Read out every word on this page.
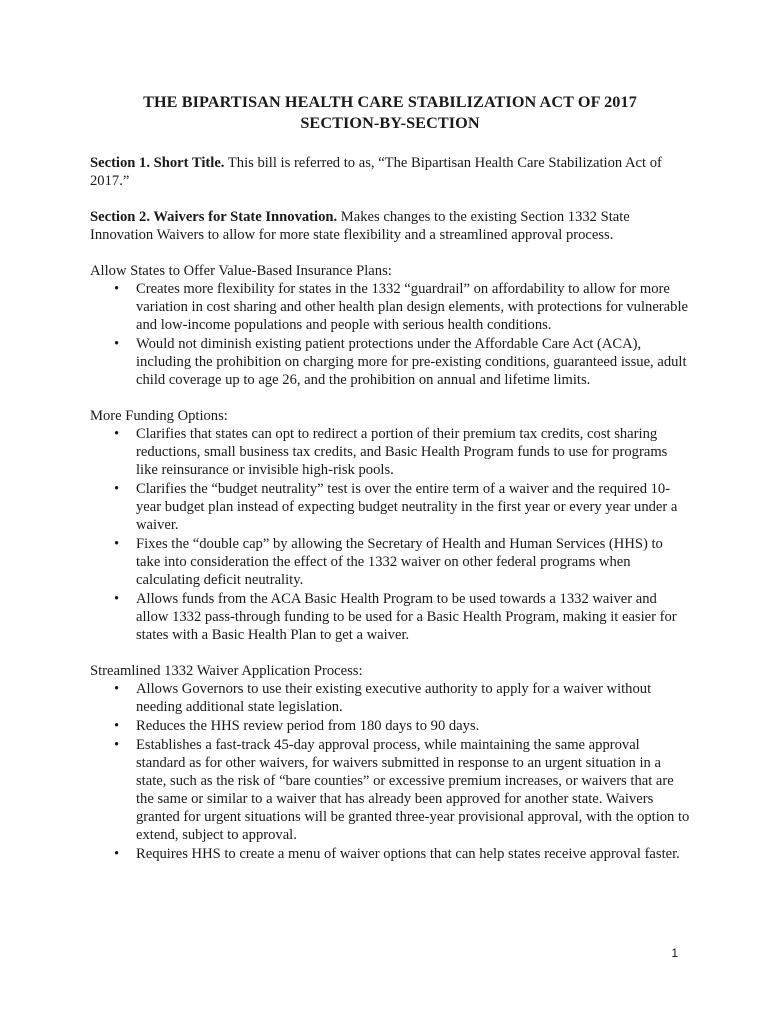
THE BIPARTISAN HEALTH CARE STABILIZATION ACT OF 2017
SECTION-BY-SECTION

Section 1. Short Title. This bill is referred to as, “The Bipartisan Health Care Stabilization Act of 2017.”

Section 2. Waivers for State Innovation. Makes changes to the existing Section 1332 State Innovation Waivers to allow for more state flexibility and a streamlined approval process.

Allow States to Offer Value-Based Insurance Plans:

• Creates more flexibility for states in the 1332 “guardrail” on affordability to allow for more variation in cost sharing and other health plan design elements, with protections for vulnerable and low-income populations and people with serious health conditions.
• Would not diminish existing patient protections under the Affordable Care Act (ACA), including the prohibition on charging more for pre-existing conditions, guaranteed issue, adult child coverage up to age 26, and the prohibition on annual and lifetime limits.

More Funding Options:

• Clarifies that states can opt to redirect a portion of their premium tax credits, cost sharing reductions, small business tax credits, and Basic Health Program funds to use for programs like reinsurance or invisible high-risk pools.
• Clarifies the “budget neutrality” test is over the entire term of a waiver and the required 10-year budget plan instead of expecting budget neutrality in the first year or every year under a waiver.
• Fixes the “double cap” by allowing the Secretary of Health and Human Services (HHS) to take into consideration the effect of the 1332 waiver on other federal programs when calculating deficit neutrality.
• Allows funds from the ACA Basic Health Program to be used towards a 1332 waiver and allow 1332 pass-through funding to be used for a Basic Health Program, making it easier for states with a Basic Health Plan to get a waiver.

Streamlined 1332 Waiver Application Process:

• Allows Governors to use their existing executive authority to apply for a waiver without needing additional state legislation.
• Reduces the HHS review period from 180 days to 90 days.
• Establishes a fast-track 45-day approval process, while maintaining the same approval standard as for other waivers, for waivers submitted in response to an urgent situation in a state, such as the risk of “bare counties” or excessive premium increases, or waivers that are the same or similar to a waiver that has already been approved for another state. Waivers granted for urgent situations will be granted three-year provisional approval, with the option to extend, subject to approval.
• Requires HHS to create a menu of waiver options that can help states receive approval faster.
1
